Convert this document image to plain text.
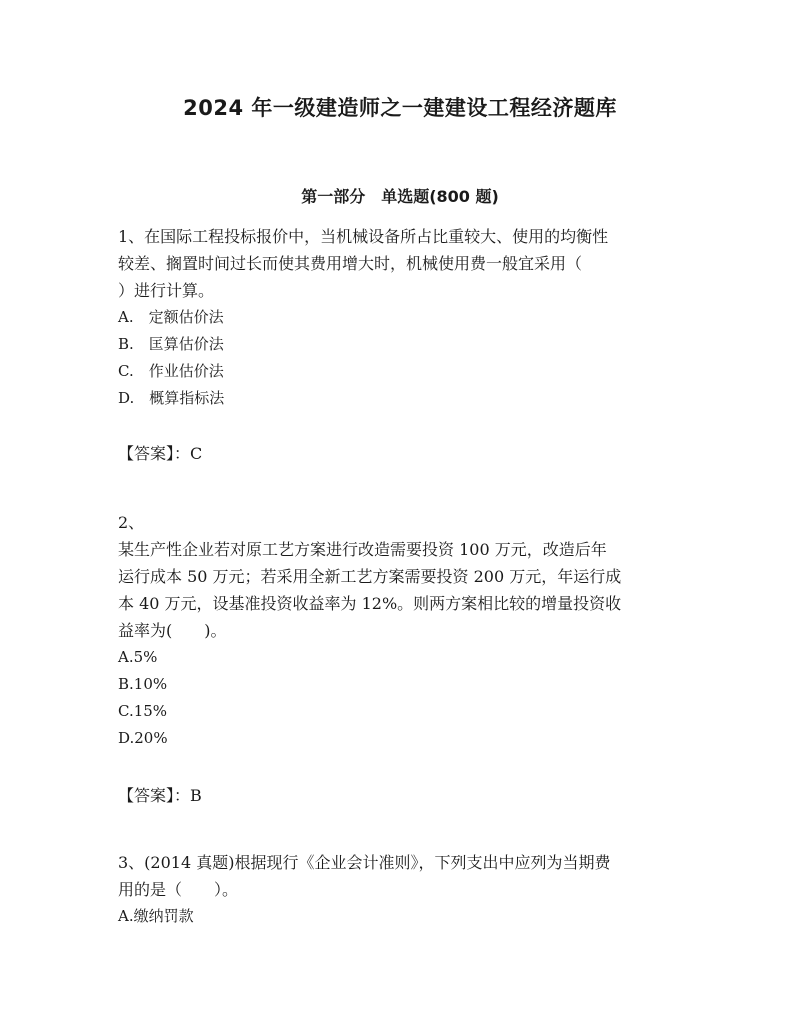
2024 年一级建造师之一建建设工程经济题库
第一部分　单选题(800 题)
1、在国际工程投标报价中，当机械设备所占比重较大、使用的均衡性
较差、搁置时间过长而使其费用增大时，机械使用费一般宜采用（
）进行计算。
A.　定额估价法
B.　匡算估价法
C.　作业估价法
D.　概算指标法
【答案】：C
2、
某生产性企业若对原工艺方案进行改造需要投资 100 万元，改造后年
运行成本 50 万元；若采用全新工艺方案需要投资 200 万元，年运行成
本 40 万元，设基准投资收益率为 12%。则两方案相比较的增量投资收
益率为(　　)。
A.5%
B.10%
C.15%
D.20%
【答案】：B
3、(2014 真题)根据现行《企业会计准则》，下列支出中应列为当期费
用的是（　　）。
A.缴纳罚款
